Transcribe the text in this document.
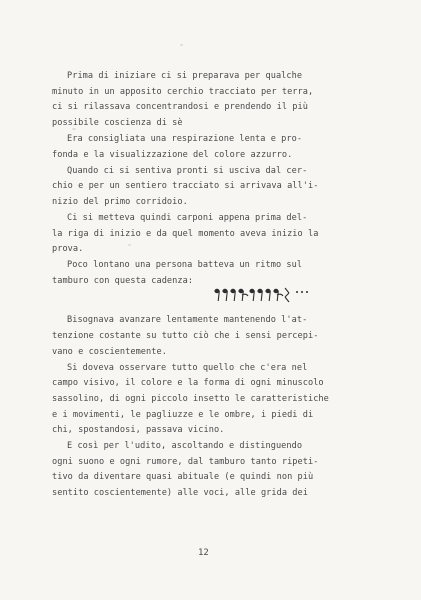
Prima di iniziare ci si preparava per qualche
minuto in un apposito cerchio tracciato per terra,
ci si rilassava concentrandosi e prendendo il più
possibile coscienza di sè
Era consigliata una respirazione lenta e pro-
fonda e la visualizzazione del colore azzurro.
Quando ci si sentiva pronti si usciva dal cer-
chio e per un sentiero tracciato si arrivava all'i-
nizio del primo corridoio.
Ci si metteva quindi carponi appena prima del-
la riga di inizio e da quel momento aveva inizio la
prova.
Poco lontano una persona batteva un ritmo sul
tamburo con questa cadenza:
Bisognava avanzare lentamente mantenendo l'at-
tenzione costante su tutto ciò che i sensi percepi-
vano e coscientemente.
Si doveva osservare tutto quello che c'era nel
campo visivo, il colore e la forma di ogni minuscolo
sassolino, di ogni piccolo insetto le caratteristiche
e i movimenti, le pagliuzze e le ombre, i piedi di
chi, spostandosi, passava vicino.
E così per l'udito, ascoltando e distinguendo
ogni suono e ogni rumore, dal tamburo tanto ripeti-
tivo da diventare quasi abituale (e quindi non più
sentito coscientemente) alle voci, alle grida dei
12
